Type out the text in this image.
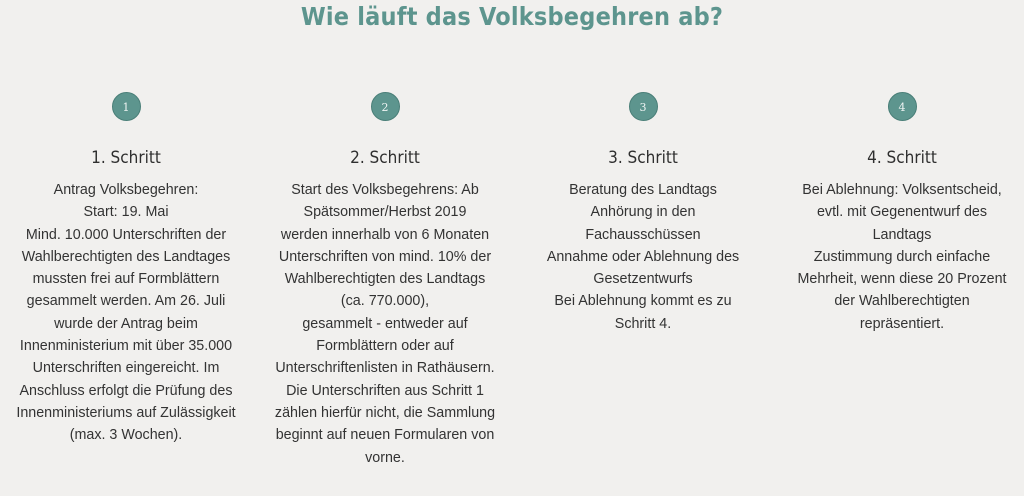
Wie läuft das Volksbegehren ab?
1
1. Schritt
Antrag Volksbegehren:
Start: 19. Mai
Mind. 10.000 Unterschriften der
Wahlberechtigten des Landtages
mussten frei auf Formblättern
gesammelt werden. Am 26. Juli
wurde der Antrag beim
Innenministerium mit über 35.000
Unterschriften eingereicht. Im
Anschluss erfolgt die Prüfung des
Innenministeriums auf Zulässigkeit
(max. 3 Wochen).
2
2. Schritt
Start des Volksbegehrens: Ab
Spätsommer/Herbst 2019
werden innerhalb von 6 Monaten
Unterschriften von mind. 10% der
Wahlberechtigten des Landtags
(ca. 770.000),
gesammelt - entweder auf
Formblättern oder auf
Unterschriftenlisten in Rathäusern.
Die Unterschriften aus Schritt 1
zählen hierfür nicht, die Sammlung
beginnt auf neuen Formularen von
vorne.
3
3. Schritt
Beratung des Landtags
Anhörung in den
Fachausschüssen
Annahme oder Ablehnung des
Gesetzentwurfs
Bei Ablehnung kommt es zu
Schritt 4.
4
4. Schritt
Bei Ablehnung: Volksentscheid,
evtl. mit Gegenentwurf des
Landtags
Zustimmung durch einfache
Mehrheit, wenn diese 20 Prozent
der Wahlberechtigten
repräsentiert.
